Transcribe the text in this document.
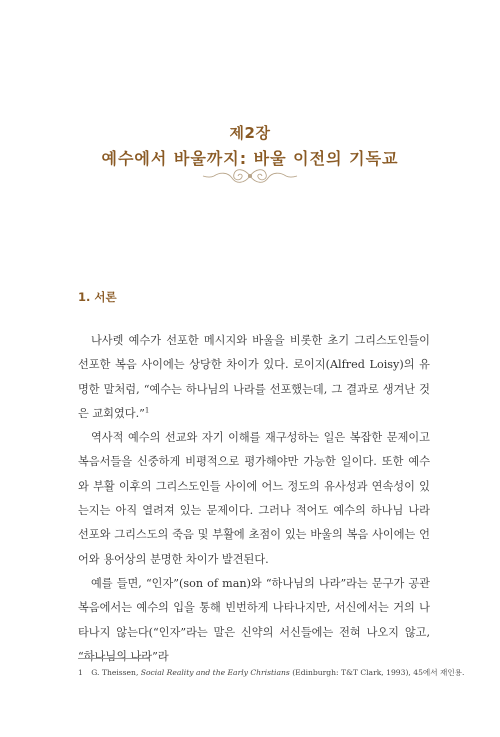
제2장
예수에서 바울까지: 바울 이전의 기독교
1. 서론

나사렛 예수가 선포한 메시지와 바울을 비롯한 초기 그리스도인들이 선포한 복음 사이에는 상당한 차이가 있다. 로이지(Alfred Loisy)의 유명한 말처럼, “예수는 하나님의 나라를 선포했는데, 그 결과로 생겨난 것은 교회였다.”$^1$

역사적 예수의 선교와 자기 이해를 재구성하는 일은 복잡한 문제이고 복음서들을 신중하게 비평적으로 평가해야만 가능한 일이다. 또한 예수와 부활 이후의 그리스도인들 사이에 어느 정도의 유사성과 연속성이 있는지는 아직 열려져 있는 문제이다. 그러나 적어도 예수의 하나님 나라 선포와 그리스도의 죽음 및 부활에 초점이 있는 바울의 복음 사이에는 언어와 용어상의 분명한 차이가 발견된다.

예를 들면, “인자”(son of man)와 “하나님의 나라”라는 문구가 공관복음에서는 예수의 입을 통해 빈번하게 나타나지만, 서신에서는 거의 나타나지 않는다(“인자”라는 말은 신약의 서신들에는 전혀 나오지 않고, “하나님의 나라”라

1 G. Theissen, Social Reality and the Early Christians (Edinburgh: T&T Clark, 1993), 45에서 재인용.
